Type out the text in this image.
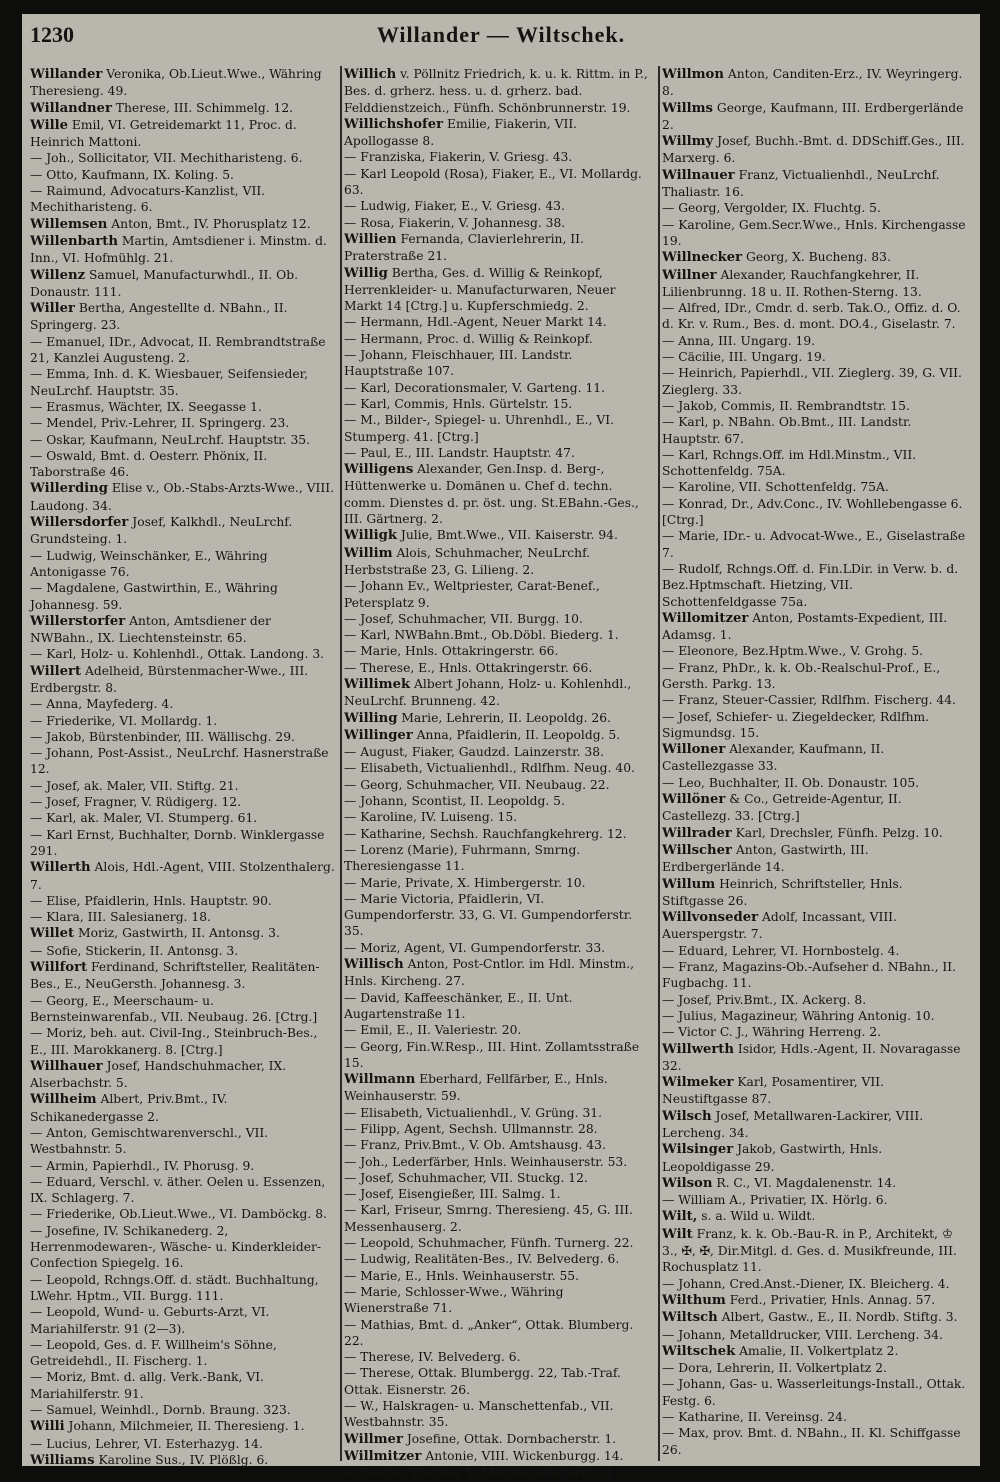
1230	Willander — Wiltschek.

Willander Veronika, Ob.Lieut.Wwe., Währing Theresieng. 49.

Willandner Therese, III. Schimmelg. 12.

Wille Emil, VI. Getreidemarkt 11, Proc. d. Heinrich Mattoni.

— Joh., Sollicitator, VII. Mechitharisteng. 6.

— Otto, Kaufmann, IX. Koling. 5.

— Raimund, Advocaturs-Kanzlist, VII. Mechitharisteng. 6.

Willemsen Anton, Bmt., IV. Phorusplatz 12.

Willenbarth Martin, Amtsdiener i. Minstm. d. Inn., VI. Hofmühlg. 21.

Willenz Samuel, Manufacturwhdl., II. Ob. Donaustr. 111.

Willer Bertha, Angestellte d. NBahn., II. Springerg. 23.

— Emanuel, IDr., Advocat, II. Rembrandtstraße 21, Kanzlei Augusteng. 2.

— Emma, Inh. d. K. Wiesbauer, Seifensieder, NeuLrchf. Hauptstr. 35.

— Erasmus, Wächter, IX. Seegasse 1.

— Mendel, Priv.-Lehrer, II. Springerg. 23.

— Oskar, Kaufmann, NeuLrchf. Hauptstr. 35.

— Oswald, Bmt. d. Oesterr. Phönix, II. Taborstraße 46.

Willerding Elise v., Ob.-Stabs-Arzts-Wwe., VIII. Laudong. 34.

Willersdorfer Josef, Kalkhdl., NeuLrchf. Grundsteing. 1.

— Ludwig, Weinschänker, E., Währing Antonigasse 76.

— Magdalene, Gastwirthin, E., Währing Johannesg. 59.

Willerstorfer Anton, Amtsdiener der NWBahn., IX. Liechtensteinstr. 65.

— Karl, Holz- u. Kohlenhdl., Ottak. Landong. 3.

Willert Adelheid, Bürstenmacher-Wwe., III. Erdbergstr. 8.

— Anna, Mayfederg. 4.

— Friederike, VI. Mollardg. 1.

— Jakob, Bürstenbinder, III. Wällischg. 29.

— Johann, Post-Assist., NeuLrchf. Hasnerstraße 12.

— Josef, ak. Maler, VII. Stiftg. 21.

— Josef, Fragner, V. Rüdigerg. 12.

— Karl, ak. Maler, VI. Stumperg. 61.

— Karl Ernst, Buchhalter, Dornb. Winklergasse 291.

Willerth Alois, Hdl.-Agent, VIII. Stolzenthalerg. 7.

— Elise, Pfaidlerin, Hnls. Hauptstr. 90.

— Klara, III. Salesianerg. 18.

Willet Moriz, Gastwirth, II. Antonsg. 3.

— Sofie, Stickerin, II. Antonsg. 3.

Willfort Ferdinand, Schriftsteller, Realitäten-Bes., E., NeuGersth. Johannesg. 3.

— Georg, E., Meerschaum- u. Bernsteinwarenfab., VII. Neubaug. 26. [Ctrg.]

— Moriz, beh. aut. Civil-Ing., Steinbruch-Bes., E., III. Marokkanerg. 8. [Ctrg.]

Willhauer Josef, Handschuhmacher, IX. Alserbachstr. 5.

Willheim Albert, Priv.Bmt., IV. Schikanedergasse 2.

— Anton, Gemischtwarenverschl., VII. Westbahnstr. 5.

— Armin, Papierhdl., IV. Phorusg. 9.

— Eduard, Verschl. v. äther. Oelen u. Essenzen, IX. Schlagerg. 7.

— Friederike, Ob.Lieut.Wwe., VI. Damböckg. 8.

— Josefine, IV. Schikanederg. 2, Herrenmodewaren-, Wäsche- u. Kinderkleider-Confection Spiegelg. 16.

— Leopold, Rchngs.Off. d. städt. Buchhaltung, LWehr. Hptm., VII. Burgg. 111.

— Leopold, Wund- u. Geburts-Arzt, VI. Mariahilferstr. 91 (2—3).

— Leopold, Ges. d. F. Willheim's Söhne, Getreidehdl., II. Fischerg. 1.

— Moriz, Bmt. d. allg. Verk.-Bank, VI. Mariahilferstr. 91.

— Samuel, Weinhdl., Dornb. Braung. 323.

Willi Johann, Milchmeier, II. Theresieng. 1.

— Lucius, Lehrer, VI. Esterhazyg. 14.

Williams Karoline Sus., IV. Plößlg. 6.

Willich v. Pöllnitz Friedrich, k. u. k. Rittm. in P., Bes. d. grherz. hess. u. d. grherz. bad. Felddienstzeich., Fünfh. Schönbrunnerstr. 19.

Willichshofer Emilie, Fiakerin, VII. Apollogasse 8.

— Franziska, Fiakerin, V. Griesg. 43.

— Karl Leopold (Rosa), Fiaker, E., VI. Mollardg. 63.

— Ludwig, Fiaker, E., V. Griesg. 43.

— Rosa, Fiakerin, V. Johannesg. 38.

Willien Fernanda, Clavierlehrerin, II. Praterstraße 21.

Willig Bertha, Ges. d. Willig & Reinkopf, Herrenkleider- u. Manufacturwaren, Neuer Markt 14 [Ctrg.] u. Kupferschmiedg. 2.

— Hermann, Hdl.-Agent, Neuer Markt 14.

— Hermann, Proc. d. Willig & Reinkopf.

— Johann, Fleischhauer, III. Landstr. Hauptstraße 107.

— Karl, Decorationsmaler, V. Garteng. 11.

— Karl, Commis, Hnls. Gürtelstr. 15.

— M., Bilder-, Spiegel- u. Uhrenhdl., E., VI. Stumperg. 41. [Ctrg.]

— Paul, E., III. Landstr. Hauptstr. 47.

Willigens Alexander, Gen.Insp. d. Berg-, Hüttenwerke u. Domänen u. Chef d. techn. comm. Dienstes d. pr. öst. ung. St.EBahn.-Ges., III. Gärtnerg. 2.

Willigk Julie, Bmt.Wwe., VII. Kaiserstr. 94.

Willim Alois, Schuhmacher, NeuLrchf. Herbststraße 23, G. Lilieng. 2.

— Johann Ev., Weltpriester, Carat-Benef., Petersplatz 9.

— Josef, Schuhmacher, VII. Burgg. 10.

— Karl, NWBahn.Bmt., Ob.Döbl. Biederg. 1.

— Marie, Hnls. Ottakringerstr. 66.

— Therese, E., Hnls. Ottakringerstr. 66.

Willimek Albert Johann, Holz- u. Kohlenhdl., NeuLrchf. Brunneng. 42.

Willing Marie, Lehrerin, II. Leopoldg. 26.

Willinger Anna, Pfaidlerin, II. Leopoldg. 5.

— August, Fiaker, Gaudzd. Lainzerstr. 38.

— Elisabeth, Victualienhdl., Rdlfhm. Neug. 40.

— Georg, Schuhmacher, VII. Neubaug. 22.

— Johann, Scontist, II. Leopoldg. 5.

— Karoline, IV. Luiseng. 15.

— Katharine, Sechsh. Rauchfangkehrerg. 12.

— Lorenz (Marie), Fuhrmann, Smrng. Theresiengasse 11.

— Marie, Private, X. Himbergerstr. 10.

— Marie Victoria, Pfaidlerin, VI. Gumpendorferstr. 33, G. VI. Gumpendorferstr. 35.

— Moriz, Agent, VI. Gumpendorferstr. 33.

Willisch Anton, Post-Cntlor. im Hdl. Minstm., Hnls. Kircheng. 27.

— David, Kaffeeschänker, E., II. Unt. Augartenstraße 11.

— Emil, E., II. Valeriestr. 20.

— Georg, Fin.W.Resp., III. Hint. Zollamtsstraße 15.

Willmann Eberhard, Fellfärber, E., Hnls. Weinhauserstr. 59.

— Elisabeth, Victualienhdl., V. Grüng. 31.

— Filipp, Agent, Sechsh. Ullmannstr. 28.

— Franz, Priv.Bmt., V. Ob. Amtshausg. 43.

— Joh., Lederfärber, Hnls. Weinhauserstr. 53.

— Josef, Schuhmacher, VII. Stuckg. 12.

— Josef, Eisengießer, III. Salmg. 1.

— Karl, Friseur, Smrng. Theresieng. 45, G. III. Messenhauserg. 2.

— Leopold, Schuhmacher, Fünfh. Turnerg. 22.

— Ludwig, Realitäten-Bes., IV. Belvederg. 6.

— Marie, E., Hnls. Weinhauserstr. 55.

— Marie, Schlosser-Wwe., Währing Wienerstraße 71.

— Mathias, Bmt. d. „Anker“, Ottak. Blumberg. 22.

— Therese, IV. Belvederg. 6.

— Therese, Ottak. Blumbergg. 22, Tab.-Traf. Ottak. Eisnerstr. 26.

— W., Halskragen- u. Manschettenfab., VII. Westbahnstr. 35.

Willmer Josefine, Ottak. Dornbacherstr. 1.

Willmitzer Antonie, VIII. Wickenburgg. 14.

— Gustav, Tischler, V. Matzleinsdorferstr. 4.

Willmon Anton, Canditen-Erz., IV. Weyringerg. 8.

Willms George, Kaufmann, III. Erdbergerlände 2.

Willmy Josef, Buchh.-Bmt. d. DDSchiff.Ges., III. Marxerg. 6.

Willnauer Franz, Victualienhdl., NeuLrchf. Thaliastr. 16.

— Georg, Vergolder, IX. Fluchtg. 5.

— Karoline, Gem.Secr.Wwe., Hnls. Kirchengasse 19.

Willnecker Georg, X. Bucheng. 83.

Willner Alexander, Rauchfangkehrer, II. Lilienbrunng. 18 u. II. Rothen-Sterng. 13.

— Alfred, IDr., Cmdr. d. serb. Tak.O., Offiz. d. O. d. Kr. v. Rum., Bes. d. mont. DO.4., Giselastr. 7.

— Anna, III. Ungarg. 19.

— Cäcilie, III. Ungarg. 19.

— Heinrich, Papierhdl., VII. Zieglerg. 39, G. VII. Zieglerg. 33.

— Jakob, Commis, II. Rembrandtstr. 15.

— Karl, p. NBahn. Ob.Bmt., III. Landstr. Hauptstr. 67.

— Karl, Rchngs.Off. im Hdl.Minstm., VII. Schottenfeldg. 75A.

— Karoline, VII. Schottenfeldg. 75A.

— Konrad, Dr., Adv.Conc., IV. Wohllebengasse 6. [Ctrg.]

— Marie, IDr.- u. Advocat-Wwe., E., Giselastraße 7.

— Rudolf, Rchngs.Off. d. Fin.LDir. in Verw. b. d. Bez.Hptmschaft. Hietzing, VII. Schottenfeldgasse 75a.

Willomitzer Anton, Postamts-Expedient, III. Adamsg. 1.

— Eleonore, Bez.Hptm.Wwe., V. Grohg. 5.

— Franz, PhDr., k. k. Ob.-Realschul-Prof., E., Gersth. Parkg. 13.

— Franz, Steuer-Cassier, Rdlfhm. Fischerg. 44.

— Josef, Schiefer- u. Ziegeldecker, Rdlfhm. Sigmundsg. 15.

Willoner Alexander, Kaufmann, II. Castellezgasse 33.

— Leo, Buchhalter, II. Ob. Donaustr. 105.

Willöner & Co., Getreide-Agentur, II. Castellezg. 33. [Ctrg.]

Willrader Karl, Drechsler, Fünfh. Pelzg. 10.

Willscher Anton, Gastwirth, III. Erdbergerlände 14.

Willum Heinrich, Schriftsteller, Hnls. Stiftgasse 26.

Willvonseder Adolf, Incassant, VIII. Auerspergstr. 7.

— Eduard, Lehrer, VI. Hornbostelg. 4.

— Franz, Magazins-Ob.-Aufseher d. NBahn., II. Fugbachg. 11.

— Josef, Priv.Bmt., IX. Ackerg. 8.

— Julius, Magazineur, Währing Antonig. 10.

— Victor C. J., Währing Herreng. 2.

Willwerth Isidor, Hdls.-Agent, II. Novaragasse 32.

Wilmeker Karl, Posamentirer, VII. Neustiftgasse 87.

Wilsch Josef, Metallwaren-Lackirer, VIII. Lercheng. 34.

Wilsinger Jakob, Gastwirth, Hnls. Leopoldigasse 29.

Wilson R. C., VI. Magdalenenstr. 14.

— William A., Privatier, IX. Hörlg. 6.

Wilt, s. a. Wild u. Wildt.

Wilt Franz, k. k. Ob.-Bau-R. in P., Architekt, ♔ 3., ✠, ✠, Dir.Mitgl. d. Ges. d. Musikfreunde, III. Rochusplatz 11.

— Johann, Cred.Anst.-Diener, IX. Bleicherg. 4.

Wilthum Ferd., Privatier, Hnls. Annag. 57.

Wiltsch Albert, Gastw., E., II. Nordb. Stiftg. 3.

— Johann, Metalldrucker, VIII. Lercheng. 34.

Wiltschek Amalie, II. Volkertplatz 2.

— Dora, Lehrerin, II. Volkertplatz 2.

— Johann, Gas- u. Wasserleitungs-Install., Ottak. Festg. 6.

— Katharine, II. Vereinsg. 24.

— Max, prov. Bmt. d. NBahn., II. Kl. Schiffgasse 26.
